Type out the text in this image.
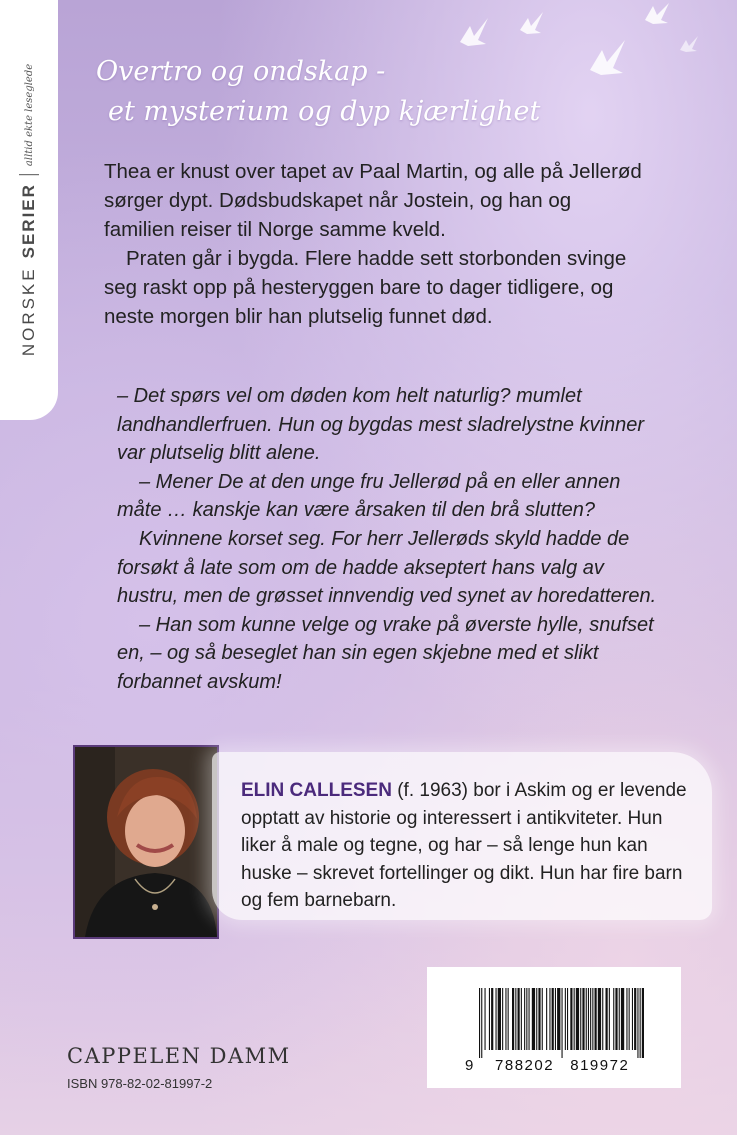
NORSKE
SERIER
alltid ekte leseglede Overtro og ondskap -
et mysterium og dyp kjærlighet

Thea er knust over tapet av Paal Martin, og alle på Jellerød sørger dypt. Dødsbudskapet når Jostein, og han og familien reiser til Norge samme kveld.

Praten går i bygda. Flere hadde sett storbonden svinge seg raskt opp på hesteryggen bare to dager tidligere, og neste morgen blir han plutselig funnet død.

– Det spørs vel om døden kom helt naturlig? mumlet landhandlerfruen. Hun og bygdas mest sladrelystne kvinner var plutselig blitt alene.

– Mener De at den unge fru Jellerød på en eller annen måte … kanskje kan være årsaken til den brå slutten?

Kvinnene korset seg. For herr Jellerøds skyld hadde de forsøkt å late som om de hadde akseptert hans valg av hustru, men de grøsset innvendig ved synet av horedatteren.

– Han som kunne velge og vrake på øverste hylle, snufset en, – og så beseglet han sin egen skjebne med et slikt forbannet avskum!

ELIN CALLESEN (f. 1963) bor i Askim og er levende opptatt av historie og interessert i antikviteter. Hun liker å male og tegne, og har – så lenge hun kan huske – skrevet fortellinger og dikt. Hun har fire barn og fem barnebarn.
CAPPELEN DAMM
ISBN 978-82-02-81997-2
9 788202 819972
